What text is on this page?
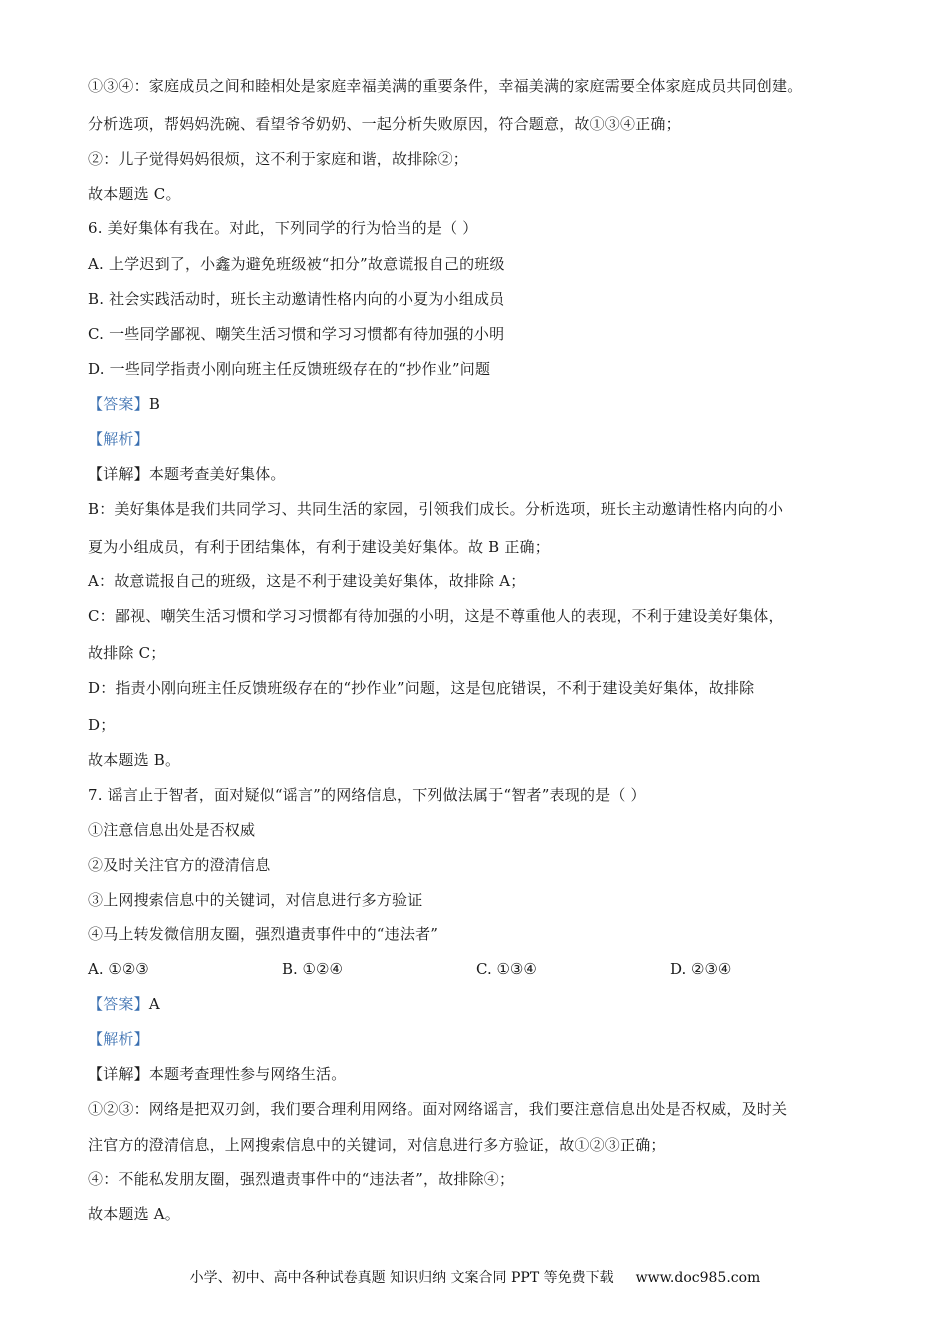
①③④：家庭成员之间和睦相处是家庭幸福美满的重要条件，幸福美满的家庭需要全体家庭成员共同创建。
分析选项，帮妈妈洗碗、看望爷爷奶奶、一起分析失败原因，符合题意，故①③④正确；
②：儿子觉得妈妈很烦，这不利于家庭和谐，故排除②；
故本题选 C。
6. 美好集体有我在。对此，下列同学的行为恰当的是（ ）
A. 上学迟到了，小鑫为避免班级被“扣分”故意谎报自己的班级
B. 社会实践活动时，班长主动邀请性格内向的小夏为小组成员
C. 一些同学鄙视、嘲笑生活习惯和学习习惯都有待加强的小明
D. 一些同学指责小刚向班主任反馈班级存在的“抄作业”问题
【答案】B
【解析】
【详解】本题考查美好集体。
B：美好集体是我们共同学习、共同生活的家园，引领我们成长。分析选项，班长主动邀请性格内向的小
夏为小组成员，有利于团结集体，有利于建设美好集体。故 B 正确；
A：故意谎报自己的班级，这是不利于建设美好集体，故排除 A；
C：鄙视、嘲笑生活习惯和学习习惯都有待加强的小明，这是不尊重他人的表现，不利于建设美好集体，
故排除 C；
D：指责小刚向班主任反馈班级存在的“抄作业”问题，这是包庇错误，不利于建设美好集体，故排除
D；
故本题选 B。
7. 谣言止于智者，面对疑似“谣言”的网络信息，下列做法属于“智者”表现的是（ ）
①注意信息出处是否权威
②及时关注官方的澄清信息
③上网搜索信息中的关键词，对信息进行多方验证
④马上转发微信朋友圈，强烈遣责事件中的“违法者”
A. ①②③	B. ①②④	C. ①③④	D. ②③④
【答案】A
【解析】
【详解】本题考查理性参与网络生活。
①②③：网络是把双刃剑，我们要合理利用网络。面对网络谣言，我们要注意信息出处是否权威，及时关
注官方的澄清信息，上网搜索信息中的关键词，对信息进行多方验证，故①②③正确；
④：不能私发朋友圈，强烈遣责事件中的“违法者”，故排除④；
故本题选 A。
小学、初中、高中各种试卷真题 知识归纳 文案合同 PPT 等免费下载 www.doc985.com
